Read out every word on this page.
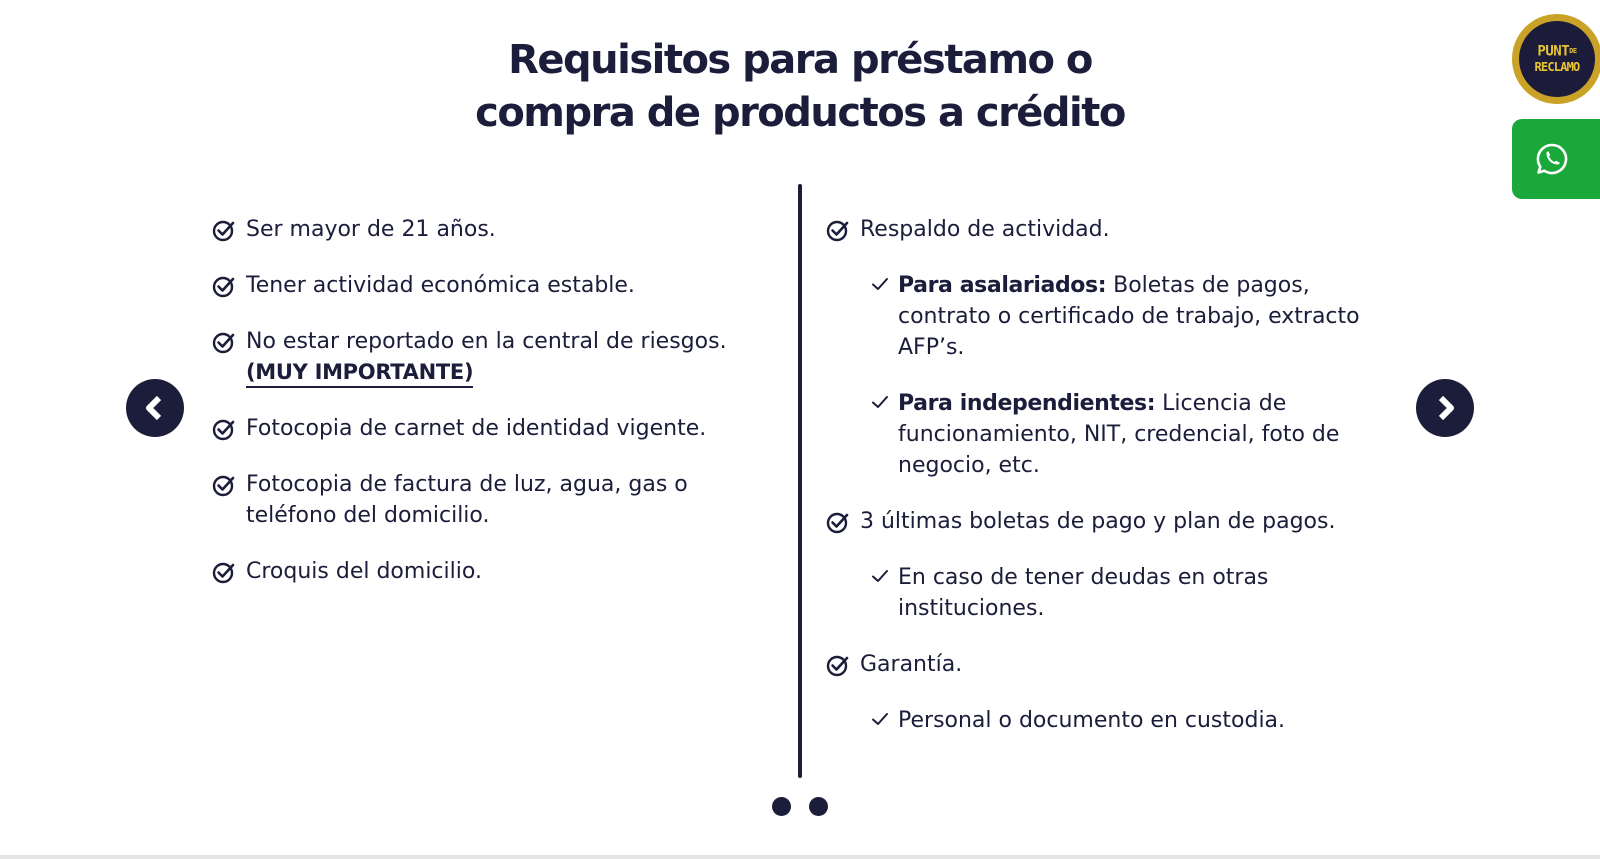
Requisitos para préstamo o
compra de productos a crédito
Ser mayor de 21 años.
Tener actividad económica estable.
No estar reportado en la central de riesgos.
(MUY IMPORTANTE)
Fotocopia de carnet de identidad vigente.
Fotocopia de factura de luz, agua, gas o teléfono del domicilio.
Croquis del domicilio.
Respaldo de actividad.
Para asalariados: Boletas de pagos, contrato o certificado de trabajo, extracto AFP’s.
Para independientes: Licencia de funcionamiento, NIT, credencial, foto de negocio, etc.
3 últimas boletas de pago y plan de pagos.
En caso de tener deudas en otras instituciones.
Garantía.
Personal o documento en custodia.
PUNTDE
RECLAMO
